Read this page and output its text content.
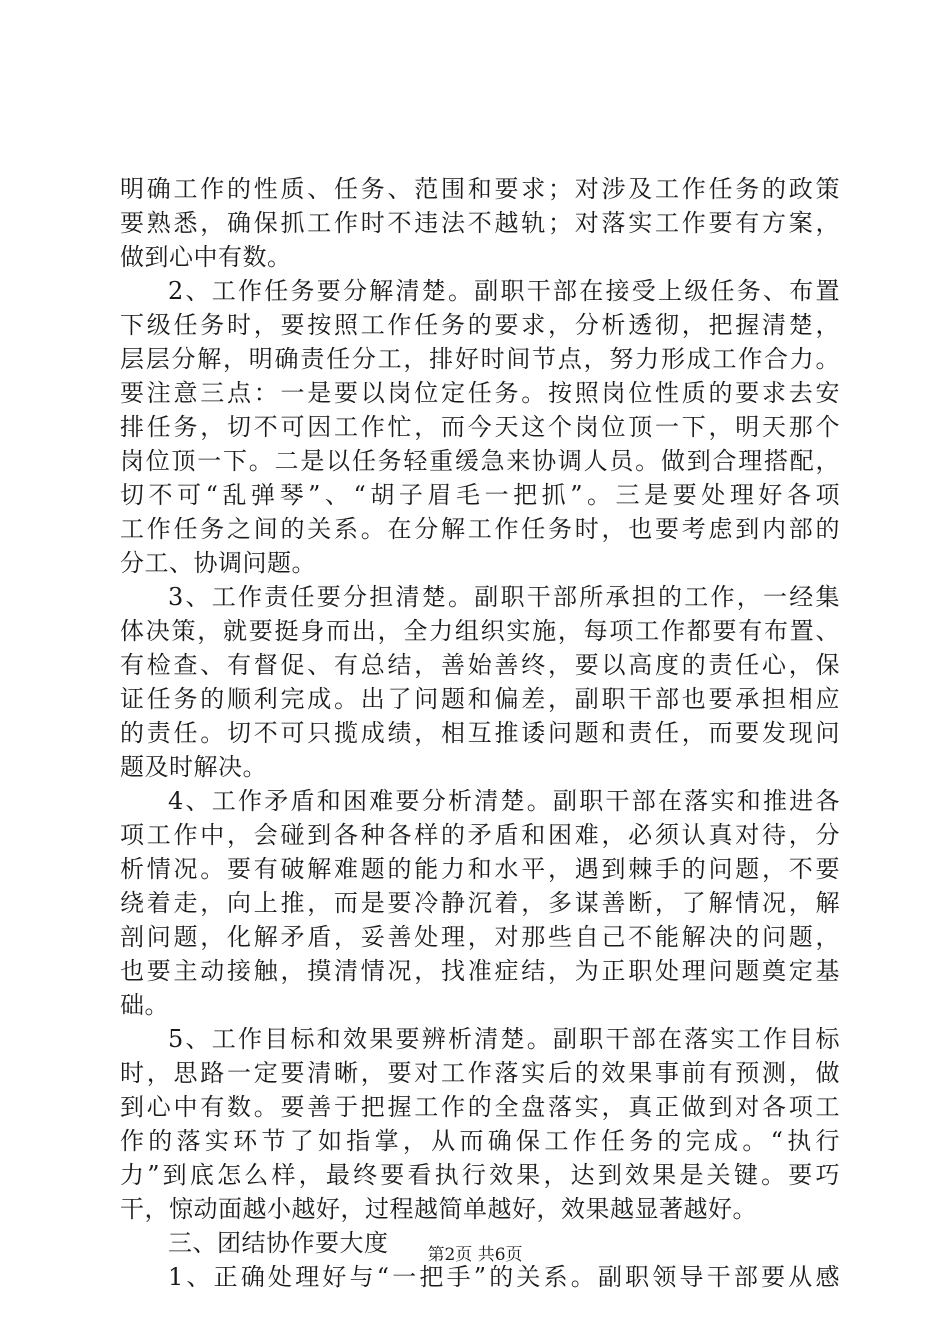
明确工作的性质、任务、范围和要求；对涉及工作任务的政策
要熟悉，确保抓工作时不违法不越轨；对落实工作要有方案，
做到心中有数。
2、工作任务要分解清楚。副职干部在接受上级任务、布置
下级任务时，要按照工作任务的要求，分析透彻，把握清楚，
层层分解，明确责任分工，排好时间节点，努力形成工作合力。
要注意三点：一是要以岗位定任务。按照岗位性质的要求去安
排任务，切不可因工作忙，而今天这个岗位顶一下，明天那个
岗位顶一下。二是以任务轻重缓急来协调人员。做到合理搭配，
切不可“乱弹琴”、“胡子眉毛一把抓”。三是要处理好各项
工作任务之间的关系。在分解工作任务时，也要考虑到内部的
分工、协调问题。
3、工作责任要分担清楚。副职干部所承担的工作，一经集
体决策，就要挺身而出，全力组织实施，每项工作都要有布置、
有检查、有督促、有总结，善始善终，要以高度的责任心，保
证任务的顺利完成。出了问题和偏差，副职干部也要承担相应
的责任。切不可只揽成绩，相互推诿问题和责任，而要发现问
题及时解决。
4、工作矛盾和困难要分析清楚。副职干部在落实和推进各
项工作中，会碰到各种各样的矛盾和困难，必须认真对待，分
析情况。要有破解难题的能力和水平，遇到棘手的问题，不要
绕着走，向上推，而是要冷静沉着，多谋善断，了解情况，解
剖问题，化解矛盾，妥善处理，对那些自己不能解决的问题，
也要主动接触，摸清情况，找准症结，为正职处理问题奠定基
础。
5、工作目标和效果要辨析清楚。副职干部在落实工作目标
时，思路一定要清晰，要对工作落实后的效果事前有预测，做
到心中有数。要善于把握工作的全盘落实，真正做到对各项工
作的落实环节了如指掌，从而确保工作任务的完成。“执行
力”到底怎么样，最终要看执行效果，达到效果是关键。要巧
干，惊动面越小越好，过程越简单越好，效果越显著越好。
三、团结协作要大度
1、正确处理好与“一把手”的关系。副职领导干部要从感
第2页 共6页
